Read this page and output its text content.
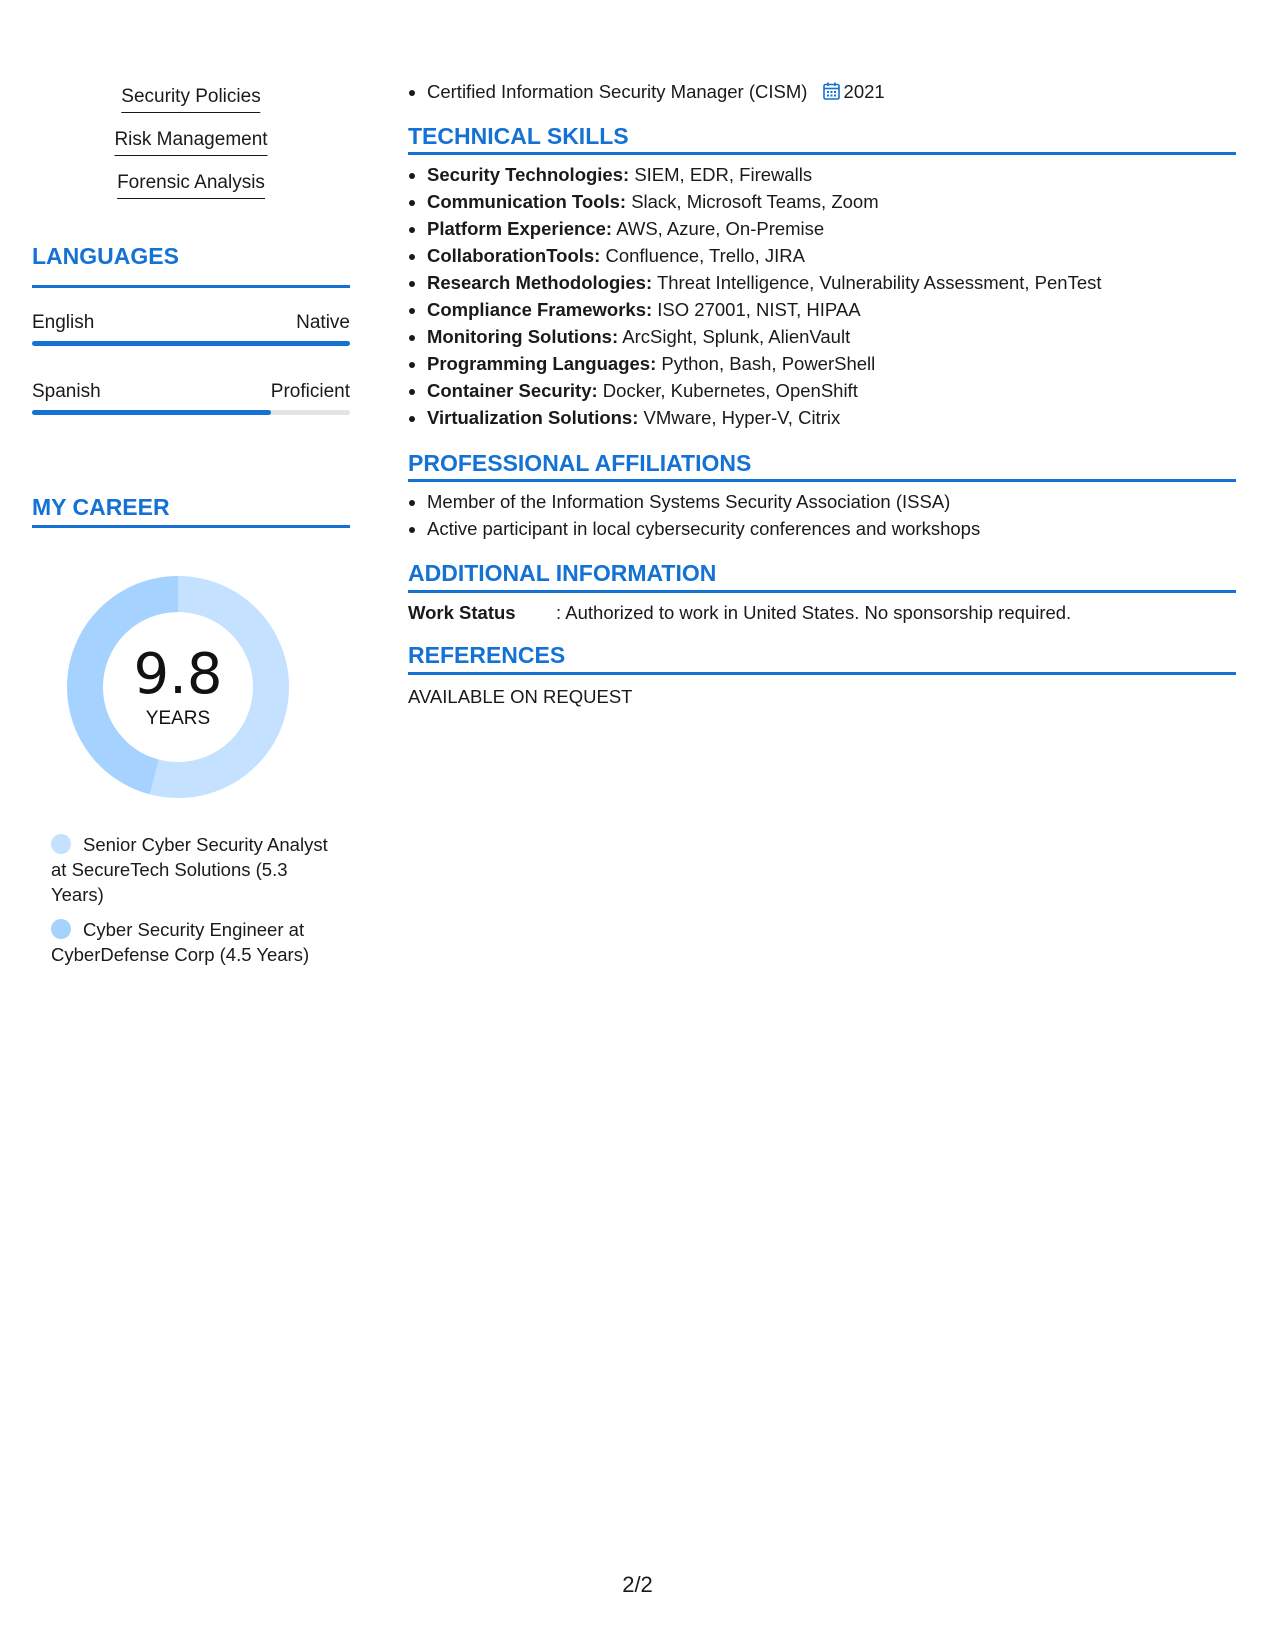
Security Policies
Risk Management
Forensic Analysis
LANGUAGES
English	Native
Spanish	Proficient
MY CAREER
9.8
YEARS
Senior Cyber Security Analyst at SecureTech Solutions (5.3 Years)
Cyber Security Engineer at CyberDefense Corp (4.5 Years)
• Certified Information Security Manager (CISM) 2021
TECHNICAL SKILLS
• Security Technologies: SIEM, EDR, Firewalls
• Communication Tools: Slack, Microsoft Teams, Zoom
• Platform Experience: AWS, Azure, On-Premise
• CollaborationTools: Confluence, Trello, JIRA
• Research Methodologies: Threat Intelligence, Vulnerability Assessment, PenTest
• Compliance Frameworks: ISO 27001, NIST, HIPAA
• Monitoring Solutions: ArcSight, Splunk, AlienVault
• Programming Languages: Python, Bash, PowerShell
• Container Security: Docker, Kubernetes, OpenShift
• Virtualization Solutions: VMware, Hyper-V, Citrix
PROFESSIONAL AFFILIATIONS
• Member of the Information Systems Security Association (ISSA)
• Active participant in local cybersecurity conferences and workshops
ADDITIONAL INFORMATION
Work Status : Authorized to work in United States. No sponsorship required.
REFERENCES
AVAILABLE ON REQUEST
2/2
